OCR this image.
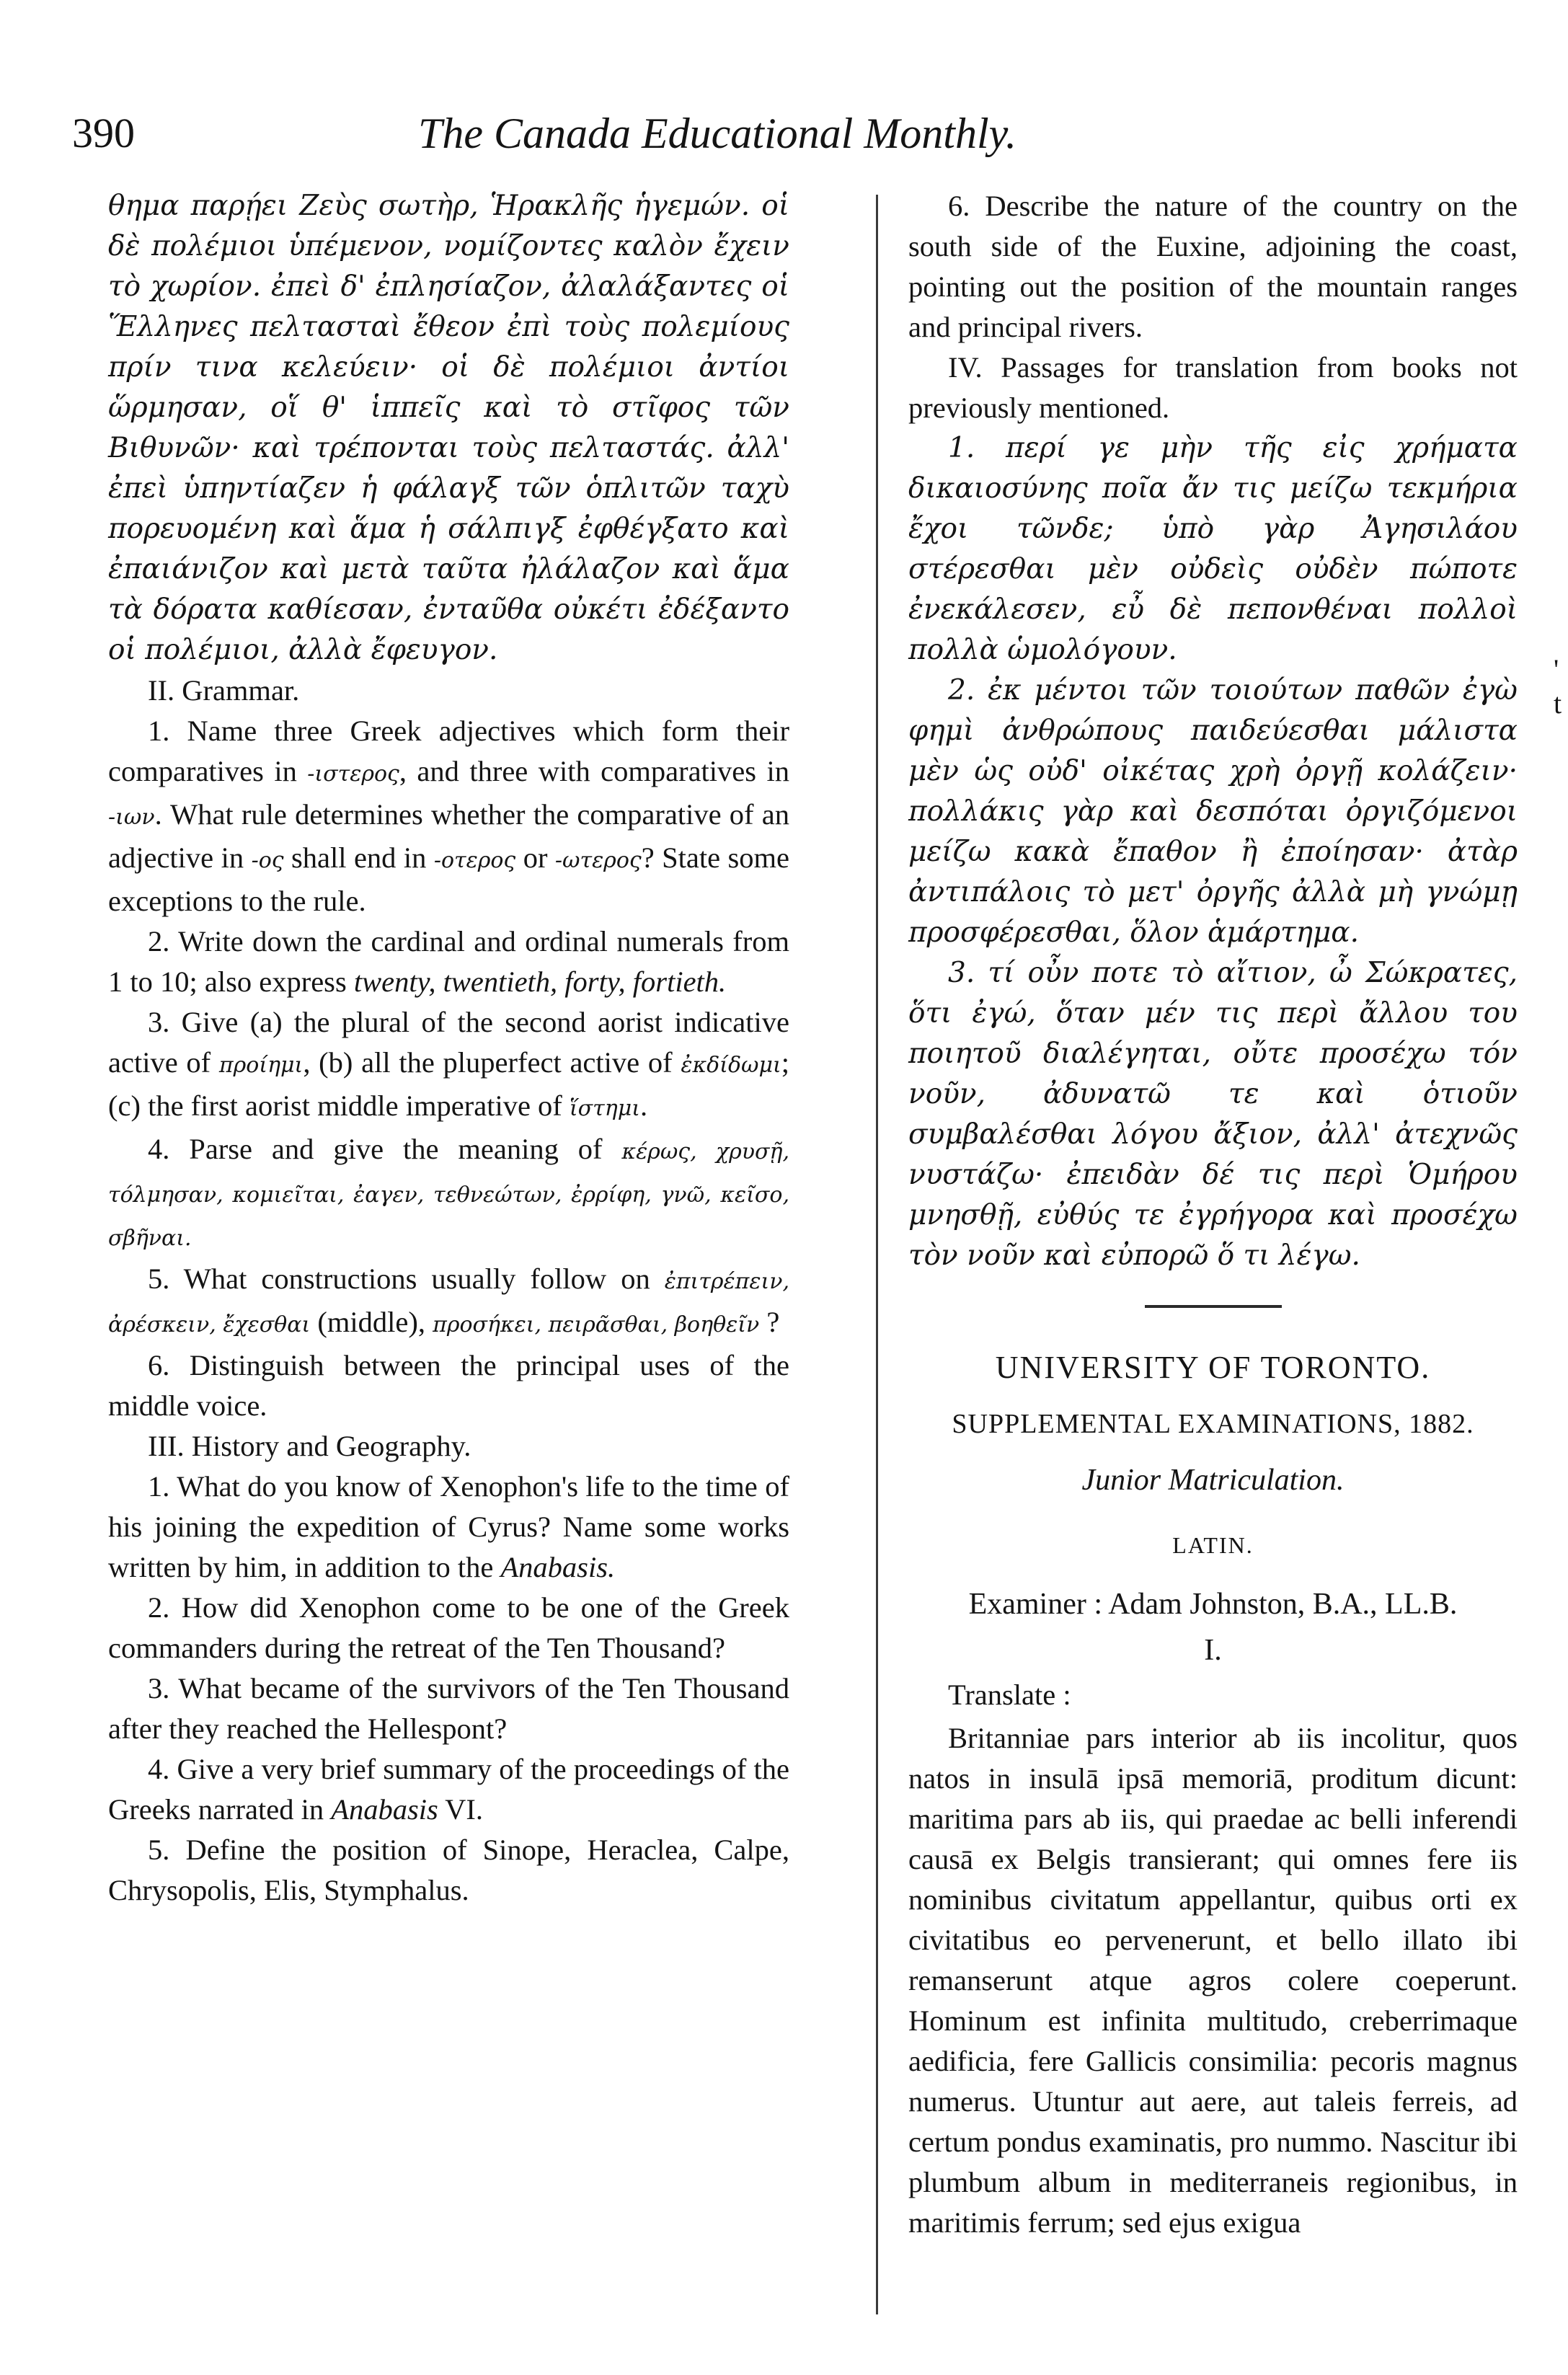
390	The Canada Educational Monthly.

θημα παρῄει Ζεὺς σωτὴρ, Ἡρακλῆς ἡγεμών. οἱ δὲ πολέμιοι ὑπέμενον, νομίζοντες καλὸν ἔχειν τὸ χωρίον. ἐπεὶ δ' ἐπλησίαζον, ἀλαλάξαντες οἱ Ἕλληνες πελτασταὶ ἔθεον ἐπὶ τοὺς πολεμίους πρίν τινα κελεύειν· οἱ δὲ πολέμιοι ἀντίοι ὥρμησαν, οἵ θ' ἱππεῖς καὶ τὸ στῖφος τῶν Βιθυνῶν· καὶ τρέπονται τοὺς πελταστάς. ἀλλ' ἐπεὶ ὑπηντίαζεν ἡ φάλαγξ τῶν ὁπλιτῶν ταχὺ πορευομένη καὶ ἅμα ἡ σάλπιγξ ἐφθέγξατο καὶ ἐπαιάνιζον καὶ μετὰ ταῦτα ἠλάλαζον καὶ ἅμα τὰ δόρατα καθίεσαν, ἐνταῦθα οὐκέτι ἐδέξαντο οἱ πολέμιοι, ἀλλὰ ἔφευγον.

II. Grammar.

1. Name three Greek adjectives which form their comparatives in -ιστερος, and three with comparatives in -ιων. What rule determines whether the comparative of an adjective in -ος shall end in -οτερος or -ωτερος? State some exceptions to the rule.

2. Write down the cardinal and ordinal numerals from 1 to 10; also express twenty, twentieth, forty, fortieth.

3. Give (a) the plural of the second aorist indicative active of προίημι, (b) all the pluperfect active of ἐκδίδωμι; (c) the first aorist middle imperative of ἵστημι.

4. Parse and give the meaning of κέρως, χρυσῇ, τόλμησαν, κομιεῖται, ἐαγεν, τεθνεώτων, ἐρρίφη, γνῶ, κεῖσο, σβῆναι.

5. What constructions usually follow on ἐπιτρέπειν, ἀρέσκειν, ἔχεσθαι (middle), προσήκει, πειρᾶσθαι, βοηθεῖν ?

6. Distinguish between the principal uses of the middle voice.

III. History and Geography.

1. What do you know of Xenophon's life to the time of his joining the expedition of Cyrus? Name some works written by him, in addition to the Anabasis.

2. How did Xenophon come to be one of the Greek commanders during the retreat of the Ten Thousand?

3. What became of the survivors of the Ten Thousand after they reached the Hellespont?

4. Give a very brief summary of the proceedings of the Greeks narrated in Anabasis VI.

5. Define the position of Sinope, Heraclea, Calpe, Chrysopolis, Elis, Stymphalus.

6. Describe the nature of the country on the south side of the Euxine, adjoining the coast, pointing out the position of the mountain ranges and principal rivers.

IV. Passages for translation from books not previously mentioned.

1. περί γε μὴν τῆς εἰς χρήματα δικαιοσύνης ποῖα ἄν τις μείζω τεκμήρια ἔχοι τῶνδε; ὑπὸ γὰρ Ἀγησιλάου στέρεσθαι μὲν οὐδεὶς οὐδὲν πώποτε ἐνεκάλεσεν, εὖ δὲ πεπονθέναι πολλοὶ πολλὰ ὡμολόγουν.

2. ἐκ μέντοι τῶν τοιούτων παθῶν ἐγὼ φημὶ ἀνθρώπους παιδεύεσθαι μάλιστα μὲν ὡς οὐδ' οἰκέτας χρὴ ὀργῇ κολάζειν· πολλάκις γὰρ καὶ δεσπόται ὀργιζόμενοι μείζω κακὰ ἔπαθον ἢ ἐποίησαν· ἀτὰρ ἀντιπάλοις τὸ μετ' ὀργῆς ἀλλὰ μὴ γνώμῃ προσφέρεσθαι, ὅλον ἁμάρτημα.

3. τί οὖν ποτε τὸ αἴτιον, ὦ Σώκρατες, ὅτι ἐγώ, ὅταν μέν τις περὶ ἄλλου του ποιητοῦ διαλέγηται, οὔτε προσέχω τόν νοῦν, ἀδυνατῶ τε καὶ ὁτιοῦν συμβαλέσθαι λόγου ἄξιον, ἀλλ' ἀτεχνῶς νυστάζω· ἐπειδὰν δέ τις περὶ Ὁμήρου μνησθῇ, εὐθύς τε ἐγρήγορα καὶ προσέχω τὸν νοῦν καὶ εὐπορῶ ὅ τι λέγω.

UNIVERSITY OF TORONTO.

SUPPLEMENTAL EXAMINATIONS, 1882.

Junior Matriculation.

LATIN.

Examiner : Adam Johnston, B.A., LL.B.

I.

Translate :

Britanniae pars interior ab iis incolitur, quos natos in insulā ipsā memoriā, proditum dicunt: maritima pars ab iis, qui praedae ac belli inferendi causā ex Belgis transierant; qui omnes fere iis nominibus civitatum appellantur, quibus orti ex civitatibus eo pervenerunt, et bello illato ibi remanserunt atque agros colere coeperunt. Hominum est infinita multitudo, creberrimaque aedificia, fere Gallicis consimilia: pecoris magnus numerus. Utuntur aut aere, aut taleis ferreis, ad certum pondus examinatis, pro nummo. Nascitur ibi plumbum album in mediterraneis regionibus, in maritimis ferrum; sed ejus exigua

' t
